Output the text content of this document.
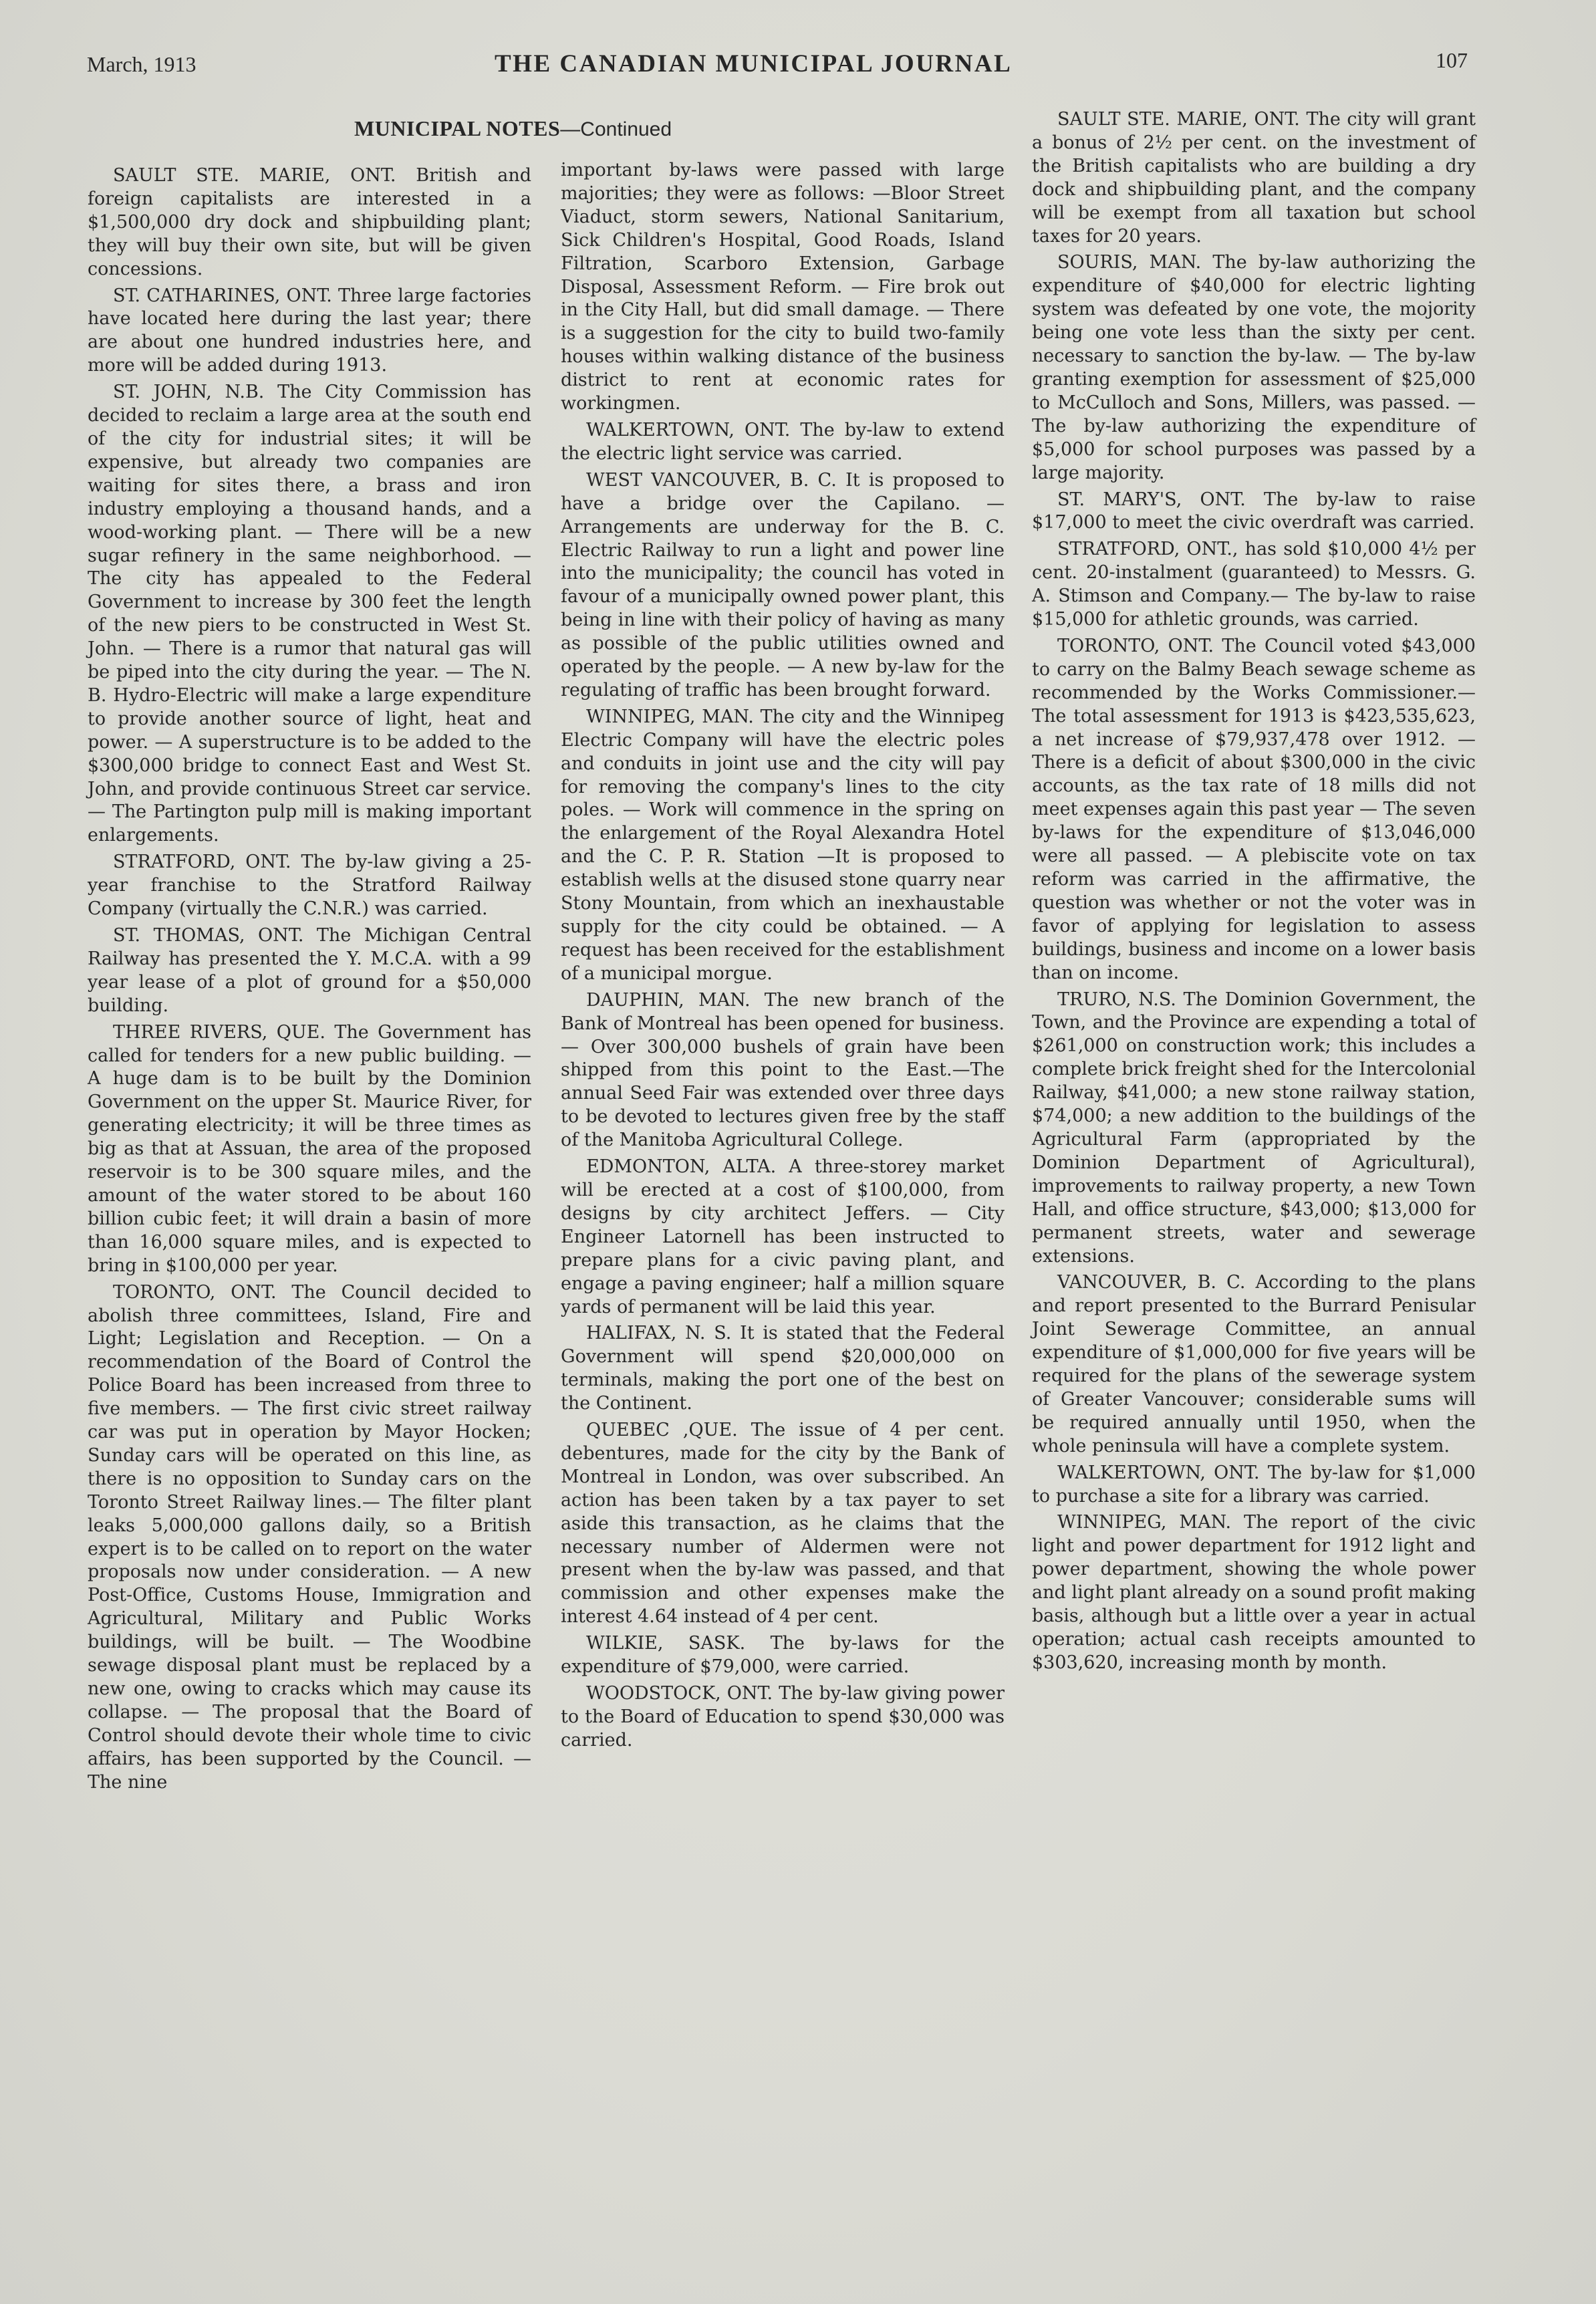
March, 1913	THE CANADIAN MUNICIPAL JOURNAL	107
MUNICIPAL NOTES—Continued

SAULT STE. MARIE, ONT. British and foreign capitalists are interested in a $1,500,000 dry dock and shipbuilding plant; they will buy their own site, but will be given concessions.

ST. CATHARINES, ONT. Three large factories have located here during the last year; there are about one hundred industries here, and more will be added during 1913.

ST. JOHN, N.B. The City Commission has decided to reclaim a large area at the south end of the city for industrial sites; it will be expensive, but already two companies are waiting for sites there, a brass and iron industry employing a thousand hands, and a wood-working plant. — There will be a new sugar refinery in the same neighborhood. — The city has appealed to the Federal Government to increase by 300 feet the length of the new piers to be constructed in West St. John. — There is a rumor that natural gas will be piped into the city during the year. — The N. B. Hydro-Electric will make a large expenditure to provide another source of light, heat and power. — A superstructure is to be added to the $300,000 bridge to connect East and West St. John, and provide continuous Street car service. — The Partington pulp mill is making important enlargements.

STRATFORD, ONT. The by-law giving a 25-year franchise to the Stratford Railway Company (virtually the C.N.R.) was carried.

ST. THOMAS, ONT. The Michigan Central Railway has presented the Y. M.C.A. with a 99 year lease of a plot of ground for a $50,000 building.

THREE RIVERS, QUE. The Government has called for tenders for a new public building. — A huge dam is to be built by the Dominion Government on the upper St. Maurice River, for generating electricity; it will be three times as big as that at Assuan, the area of the proposed reservoir is to be 300 square miles, and the amount of the water stored to be about 160 billion cubic feet; it will drain a basin of more than 16,000 square miles, and is expected to bring in $100,000 per year.

TORONTO, ONT. The Council decided to abolish three committees, Island, Fire and Light; Legislation and Reception. — On a recommendation of the Board of Control the Police Board has been increased from three to five members. — The first civic street railway car was put in operation by Mayor Hocken; Sunday cars will be operated on this line, as there is no opposition to Sunday cars on the Toronto Street Railway lines.— The filter plant leaks 5,000,000 gallons daily, so a British expert is to be called on to report on the water proposals now under consideration. — A new Post-Office, Customs House, Immigration and Agricultural, Military and Public Works buildings, will be built. — The Woodbine sewage disposal plant must be replaced by a new one, owing to cracks which may cause its collapse. — The proposal that the Board of Control should devote their whole time to civic affairs, has been supported by the Council. — The nine

important by-laws were passed with large majorities; they were as follows: —Bloor Street Viaduct, storm sewers, National Sanitarium, Sick Children's Hospital, Good Roads, Island Filtration, Scarboro Extension, Garbage Disposal, Assessment Reform. — Fire brok out in the City Hall, but did small damage. — There is a suggestion for the city to build two-family houses within walking distance of the business district to rent at economic rates for workingmen.

WALKERTOWN, ONT. The by-law to extend the electric light service was carried.

WEST VANCOUVER, B. C. It is proposed to have a bridge over the Capilano. — Arrangements are underway for the B. C. Electric Railway to run a light and power line into the municipality; the council has voted in favour of a municipally owned power plant, this being in line with their policy of having as many as possible of the public utilities owned and operated by the people. — A new by-law for the regulating of traffic has been brought forward.

WINNIPEG, MAN. The city and the Winnipeg Electric Company will have the electric poles and conduits in joint use and the city will pay for removing the company's lines to the city poles. — Work will commence in the spring on the enlargement of the Royal Alexandra Hotel and the C. P. R. Station —It is proposed to establish wells at the disused stone quarry near Stony Mountain, from which an inexhaustable supply for the city could be obtained. — A request has been received for the establishment of a municipal morgue.

DAUPHIN, MAN. The new branch of the Bank of Montreal has been opened for business. — Over 300,000 bushels of grain have been shipped from this point to the East.—The annual Seed Fair was extended over three days to be devoted to lectures given free by the staff of the Manitoba Agricultural College.

EDMONTON, ALTA. A three-storey market will be erected at a cost of $100,000, from designs by city architect Jeffers. — City Engineer Latornell has been instructed to prepare plans for a civic paving plant, and engage a paving engineer; half a million square yards of permanent will be laid this year.

HALIFAX, N. S. It is stated that the Federal Government will spend $20,000,000 on terminals, making the port one of the best on the Continent.

QUEBEC ,QUE. The issue of 4 per cent. debentures, made for the city by the Bank of Montreal in London, was over subscribed. An action has been taken by a tax payer to set aside this transaction, as he claims that the necessary number of Aldermen were not present when the by-law was passed, and that commission and other expenses make the interest 4.64 instead of 4 per cent.

WILKIE, SASK. The by-laws for the expenditure of $79,000, were carried.

WOODSTOCK, ONT. The by-law giving power to the Board of Education to spend $30,000 was carried.

SAULT STE. MARIE, ONT. The city will grant a bonus of 2½ per cent. on the investment of the British capitalists who are building a dry dock and shipbuilding plant, and the company will be exempt from all taxation but school taxes for 20 years.

SOURIS, MAN. The by-law authorizing the expenditure of $40,000 for electric lighting system was defeated by one vote, the mojority being one vote less than the sixty per cent. necessary to sanction the by-law. — The by-law granting exemption for assessment of $25,000 to McCulloch and Sons, Millers, was passed. — The by-law authorizing the expenditure of $5,000 for school purposes was passed by a large majority.

ST. MARY'S, ONT. The by-law to raise $17,000 to meet the civic overdraft was carried.

STRATFORD, ONT., has sold $10,000 4½ per cent. 20-instalment (guaranteed) to Messrs. G. A. Stimson and Company.— The by-law to raise $15,000 for athletic grounds, was carried.

TORONTO, ONT. The Council voted $43,000 to carry on the Balmy Beach sewage scheme as recommended by the Works Commissioner.—The total assessment for 1913 is $423,535,623, a net increase of $79,937,478 over 1912. — There is a deficit of about $300,000 in the civic accounts, as the tax rate of 18 mills did not meet expenses again this past year — The seven by-laws for the expenditure of $13,046,000 were all passed. — A plebiscite vote on tax reform was carried in the affirmative, the question was whether or not the voter was in favor of applying for legislation to assess buildings, business and income on a lower basis than on income.

TRURO, N.S. The Dominion Government, the Town, and the Province are expending a total of $261,000 on construction work; this includes a complete brick freight shed for the Intercolonial Railway, $41,000; a new stone railway station, $74,000; a new addition to the buildings of the Agricultural Farm (appropriated by the Dominion Department of Agricultural), improvements to railway property, a new Town Hall, and office structure, $43,000; $13,000 for permanent streets, water and sewerage extensions.

VANCOUVER, B. C. According to the plans and report presented to the Burrard Penisular Joint Sewerage Committee, an annual expenditure of $1,000,000 for five years will be required for the plans of the sewerage system of Greater Vancouver; considerable sums will be required annually until 1950, when the whole peninsula will have a complete system.

WALKERTOWN, ONT. The by-law for $1,000 to purchase a site for a library was carried.

WINNIPEG, MAN. The report of the civic light and power department for 1912 light and power department, showing the whole power and light plant already on a sound profit making basis, although but a little over a year in actual operation; actual cash receipts amounted to $303,620, increasing month by month.
